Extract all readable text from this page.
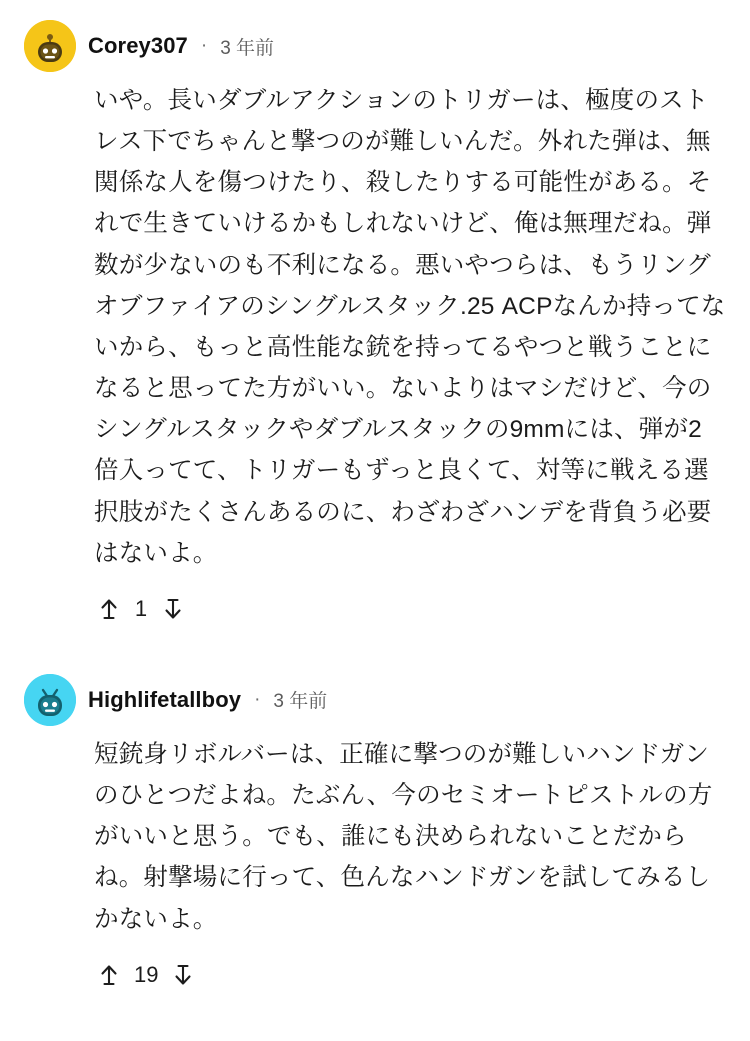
Corey307 · 3 年前
いや。長いダブルアクションのトリガーは、極度のストレス下でちゃんと撃つのが難しいんだ。外れた弾は、無関係な人を傷つけたり、殺したりする可能性がある。それで生きていけるかもしれないけど、俺は無理だね。弾数が少ないのも不利になる。悪いやつらは、もうリングオブファイアのシングルスタック.25 ACPなんか持ってないから、もっと高性能な銃を持ってるやつと戦うことになると思ってた方がいい。ないよりはマシだけど、今のシングルスタックやダブルスタックの9mmには、弾が2倍入ってて、トリガーもずっと良くて、対等に戦える選択肢がたくさんあるのに、わざわざハンデを背負う必要はないよ。
1
Highlifetallboy · 3 年前
短銃身リボルバーは、正確に撃つのが難しいハンドガンのひとつだよね。たぶん、今のセミオートピストルの方がいいと思う。でも、誰にも決められないことだからね。射撃場に行って、色んなハンドガンを試してみるしかないよ。
19
